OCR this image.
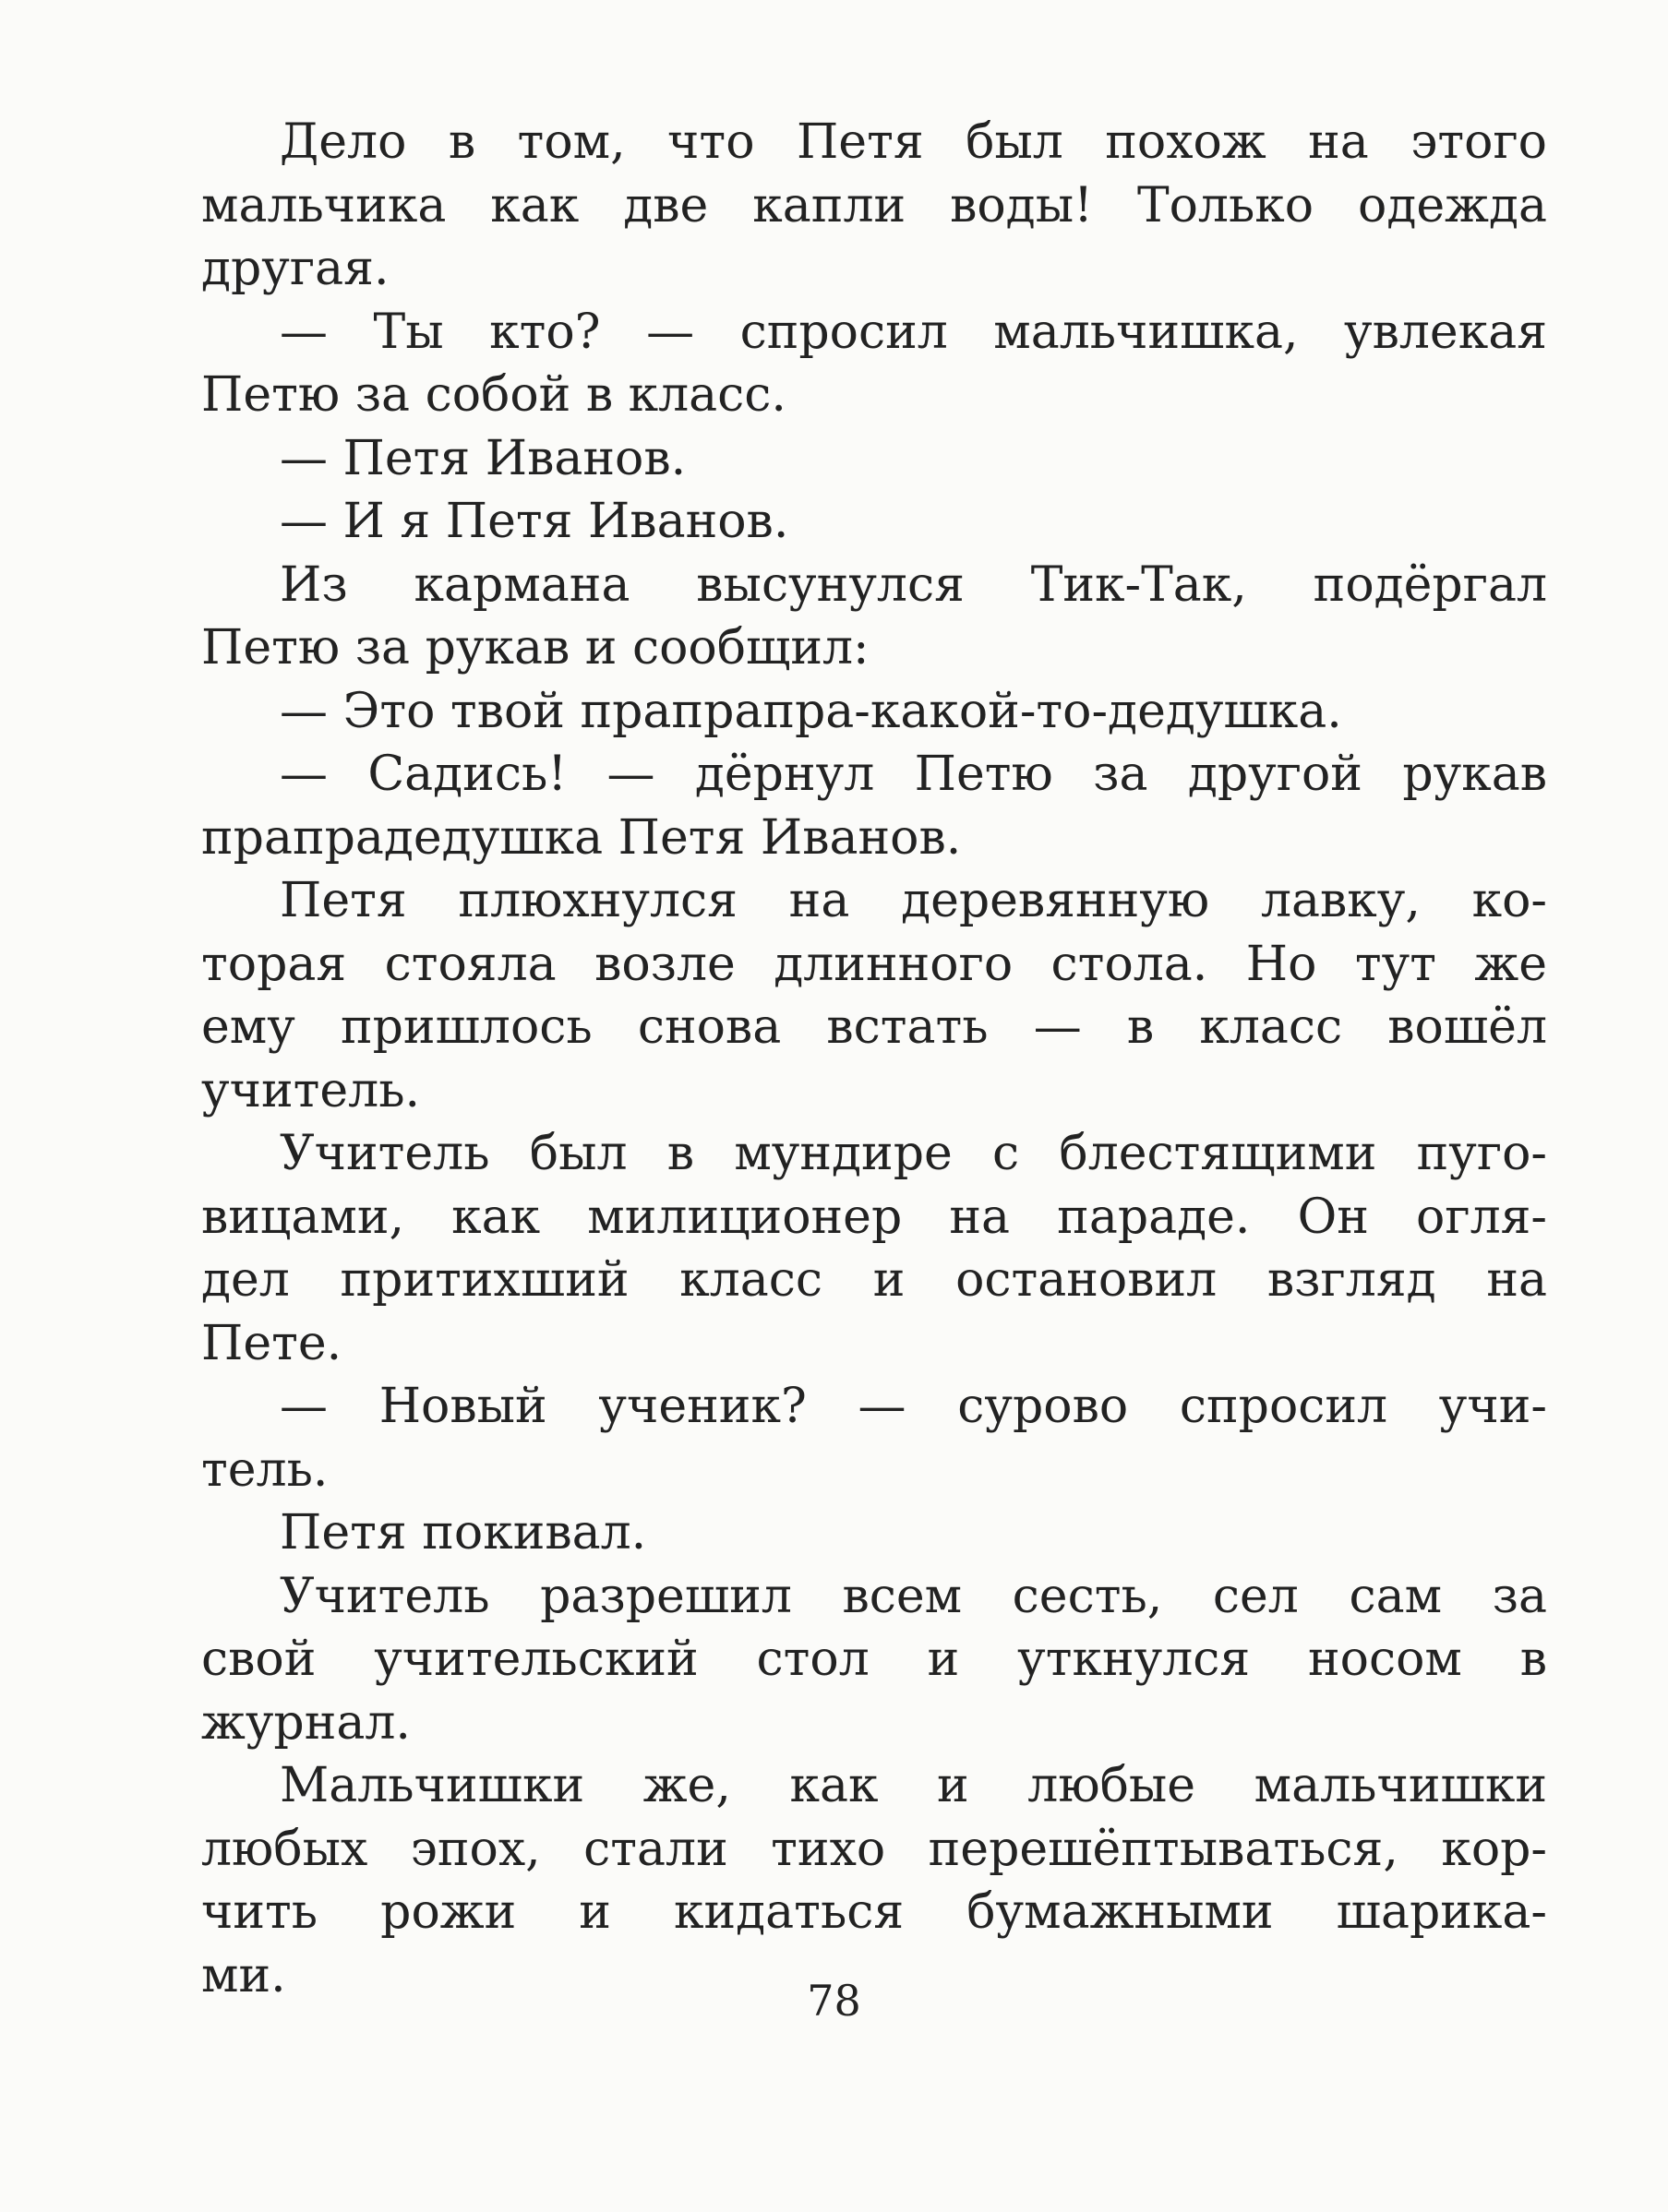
Дело в том, что Петя был похож на этого
мальчика как две капли воды! Только одежда
другая.
— Ты кто? — спросил мальчишка, увлекая
Петю за собой в класс.
— Петя Иванов.
— И я Петя Иванов.
Из кармана высунулся Тик-Так, подёргал
Петю за рукав и сообщил:
— Это твой прапрапра-какой-то-дедушка.
— Садись! — дёрнул Петю за другой рукав
прапрадедушка Петя Иванов.
Петя плюхнулся на деревянную лавку, ко-
торая стояла возле длинного стола. Но тут же
ему пришлось снова встать — в класс вошёл
учитель.
Учитель был в мундире с блестящими пуго-
вицами, как милиционер на параде. Он огля-
дел притихший класс и остановил взгляд на
Пете.
— Новый ученик? — сурово спросил учи-
тель.
Петя покивал.
Учитель разрешил всем сесть, сел сам за
свой учительский стол и уткнулся носом в
журнал.
Мальчишки же, как и любые мальчишки
любых эпох, стали тихо перешёптываться, кор-
чить рожи и кидаться бумажными шарика-
ми.	78
